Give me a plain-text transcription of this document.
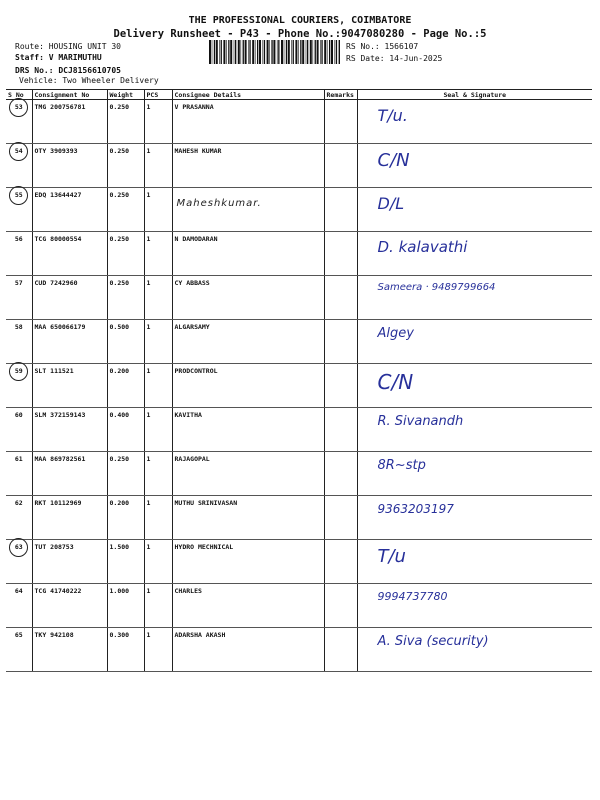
THE PROFESSIONAL COURIERS, COIMBATORE
Delivery Runsheet - P43 - Phone No.:9047080280 - Page No.:5
Route: HOUSING UNIT 30
Staff: V MARIMUTHU
DRS No.: DCJ8156610705
Vehicle: Two Wheeler Delivery
RS No.: 1566107
RS Date: 14-Jun-2025
S No	Consignment No	Weight	PCS	Consignee Details	Remarks	Seal & Signature
53	TMG 200756781	0.250	1	V PRASANNA		T/u.

54	OTY 3909393	0.250	1	MAHESH KUMAR		C/N

55	EDQ 13644427	0.250	1	Maheshkumar.		D/L

56	TCG 80000554	0.250	1	N DAMODARAN		D. kalavathi

57	CUD 7242960	0.250	1	CY ABBASS		Sameera · 9489799664

58	MAA 650066179	0.500	1	ALGARSAMY		Algey

59	SLT 111521	0.200	1	PRODCONTROL		C/N

60	SLM 372159143	0.400	1	KAVITHA		R. Sivanandh

61	MAA 869782561	0.250	1	RAJAGOPAL		8R~stp

62	RKT 10112969	0.200	1	MUTHU SRINIVASAN		9363203197

63	TUT 208753	1.500	1	HYDRO MECHNICAL		T/u

64	TCG 41740222	1.000	1	CHARLES		9994737780

65	TKY 942108	0.300	1	ADARSHA AKASH		A. Siva (security)
